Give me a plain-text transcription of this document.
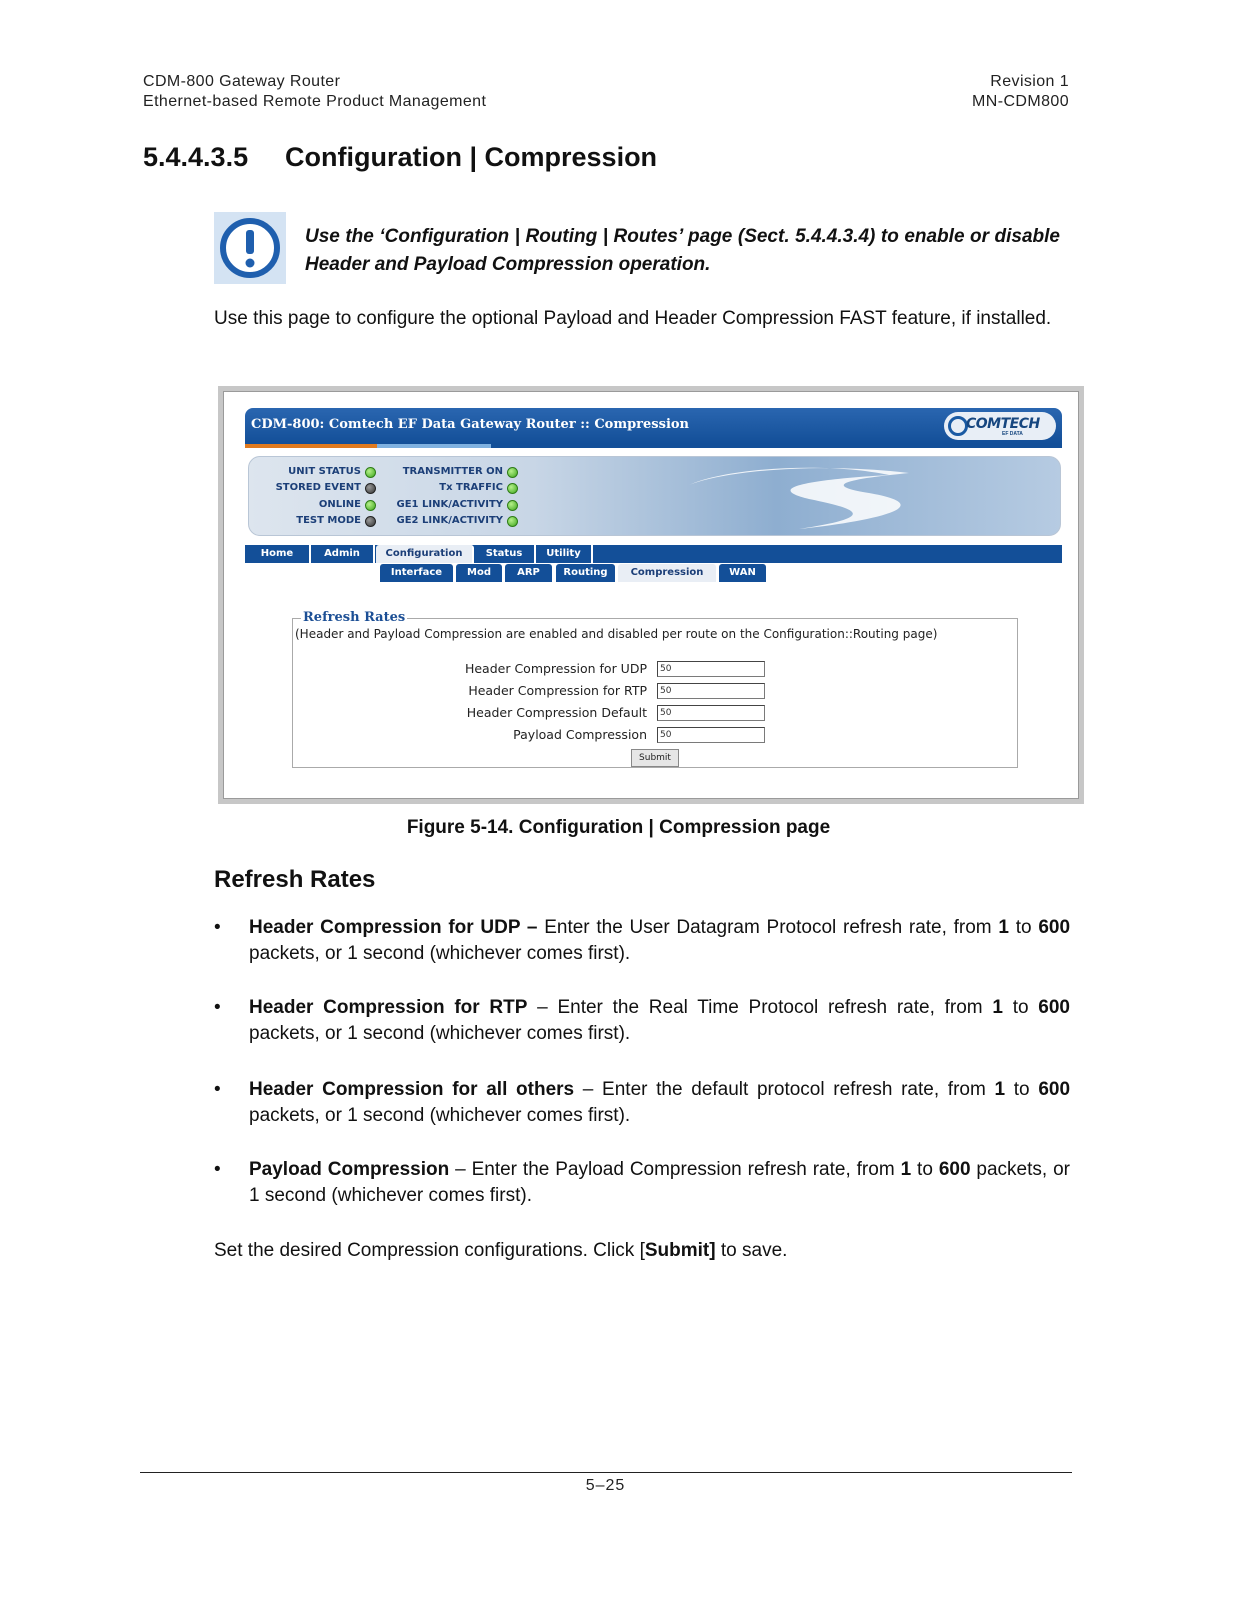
CDM-800 Gateway Router
Ethernet-based Remote Product Management
Revision 1
MN-CDM800
5.4.4.3.5 Configuration | Compression
Use the ‘Configuration | Routing | Routes’ page (Sect. 5.4.4.3.4) to enable or disable Header and Payload Compression operation.
Use this page to configure the optional Payload and Header Compression FAST feature, if installed.
CDM-800: Comtech EF Data Gateway Router :: Compression	COMTECH
EF DATA
UNIT STATUS
STORED EVENT
ONLINE
TEST MODE
TRANSMITTER ON
Tx TRAFFIC
GE1 LINK/ACTIVITY
GE2 LINK/ACTIVITY
Home	Admin	Configuration	Status	Utility
Interface	Mod	ARP	Routing	Compression	WAN
Refresh Rates
(Header and Payload Compression are enabled and disabled per route on the Configuration::Routing page)
Header Compression for UDP	50
Header Compression for RTP	50
Header Compression Default	50
Payload Compression	50
Submit
Figure 5-14. Configuration | Compression page
Refresh Rates
• Header Compression for UDP – Enter the User Datagram Protocol refresh rate, from 1 to 600 packets, or 1 second (whichever comes first).
• Header Compression for RTP – Enter the Real Time Protocol refresh rate, from 1 to 600 packets, or 1 second (whichever comes first).
• Header Compression for all others – Enter the default protocol refresh rate, from 1 to 600 packets, or 1 second (whichever comes first).
• Payload Compression – Enter the Payload Compression refresh rate, from 1 to 600 packets, or 1 second (whichever comes first).
Set the desired Compression configurations. Click [Submit] to save.
5–25
